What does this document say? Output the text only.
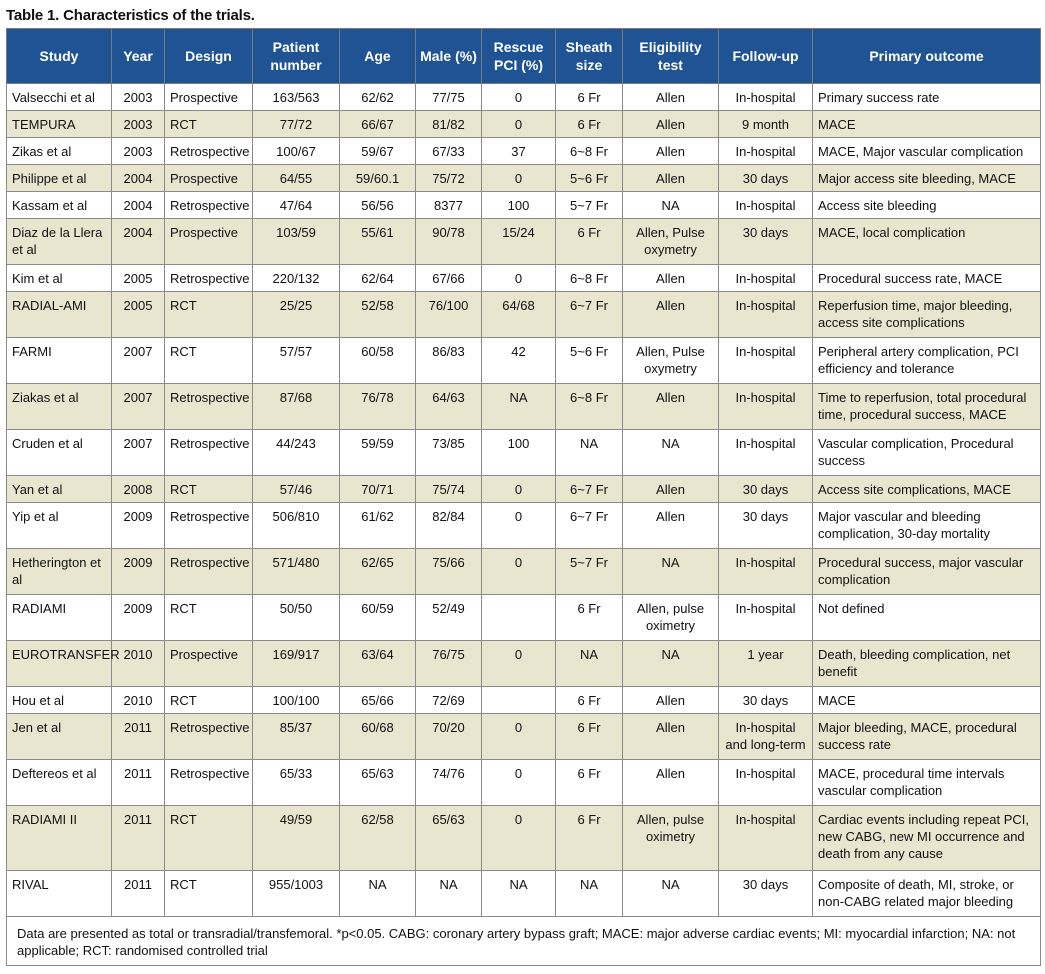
Table 1. Characteristics of the trials.
Study	Year	Design	Patient number	Age	Male (%)	Rescue PCI (%)	Sheath size	Eligibility test	Follow-up	Primary outcome
Valsecchi et al	2003	Prospective	163/563	62/62	77/75	0	6 Fr	Allen	In-hospital	Primary success rate
TEMPURA	2003	RCT	77/72	66/67	81/82	0	6 Fr	Allen	9 month	MACE
Zikas et al	2003	Retrospective	100/67	59/67	67/33	37	6~8 Fr	Allen	In-hospital	MACE, Major vascular complication
Philippe et al	2004	Prospective	64/55	59/60.1	75/72	0	5~6 Fr	Allen	30 days	Major access site bleeding, MACE
Kassam et al	2004	Retrospective	47/64	56/56	8377	100	5~7 Fr	NA	In-hospital	Access site bleeding
Diaz de la Llera et al	2004	Prospective	103/59	55/61	90/78	15/24	6 Fr	Allen, Pulse oxymetry	30 days	MACE, local complication
Kim et al	2005	Retrospective	220/132	62/64	67/66	0	6~8 Fr	Allen	In-hospital	Procedural success rate, MACE
RADIAL-AMI	2005	RCT	25/25	52/58	76/100	64/68	6~7 Fr	Allen	In-hospital	Reperfusion time, major bleeding, access site complications
FARMI	2007	RCT	57/57	60/58	86/83	42	5~6 Fr	Allen, Pulse oxymetry	In-hospital	Peripheral artery complication, PCI efficiency and tolerance
Ziakas et al	2007	Retrospective	87/68	76/78	64/63	NA	6~8 Fr	Allen	In-hospital	Time to reperfusion, total procedural time, procedural success, MACE
Cruden et al	2007	Retrospective	44/243	59/59	73/85	100	NA	NA	In-hospital	Vascular complication, Procedural success
Yan et al	2008	RCT	57/46	70/71	75/74	0	6~7 Fr	Allen	30 days	Access site complications, MACE
Yip et al	2009	Retrospective	506/810	61/62	82/84	0	6~7 Fr	Allen	30 days	Major vascular and bleeding complication, 30-day mortality
Hetherington et al	2009	Retrospective	571/480	62/65	75/66	0	5~7 Fr	NA	In-hospital	Procedural success, major vascular complication
RADIAMI	2009	RCT	50/50	60/59	52/49		6 Fr	Allen, pulse oximetry	In-hospital	Not defined
EUROTRANSFER	2010	Prospective	169/917	63/64	76/75	0	NA	NA	1 year	Death, bleeding complication, net benefit
Hou et al	2010	RCT	100/100	65/66	72/69		6 Fr	Allen	30 days	MACE
Jen et al	2011	Retrospective	85/37	60/68	70/20	0	6 Fr	Allen	In-hospital and long-term	Major bleeding, MACE, procedural success rate
Deftereos et al	2011	Retrospective	65/33	65/63	74/76	0	6 Fr	Allen	In-hospital	MACE, procedural time intervals vascular complication
RADIAMI II	2011	RCT	49/59	62/58	65/63	0	6 Fr	Allen, pulse oximetry	In-hospital	Cardiac events including repeat PCI, new CABG, new MI occurrence and death from any cause
RIVAL	2011	RCT	955/1003	NA	NA	NA	NA	NA	30 days	Composite of death, MI, stroke, or non-CABG related major bleeding
Data are presented as total or transradial/transfemoral. *p<0.05. CABG: coronary artery bypass graft; MACE: major adverse cardiac events; MI: myocardial infarction; NA: not applicable; RCT: randomised controlled trial										
